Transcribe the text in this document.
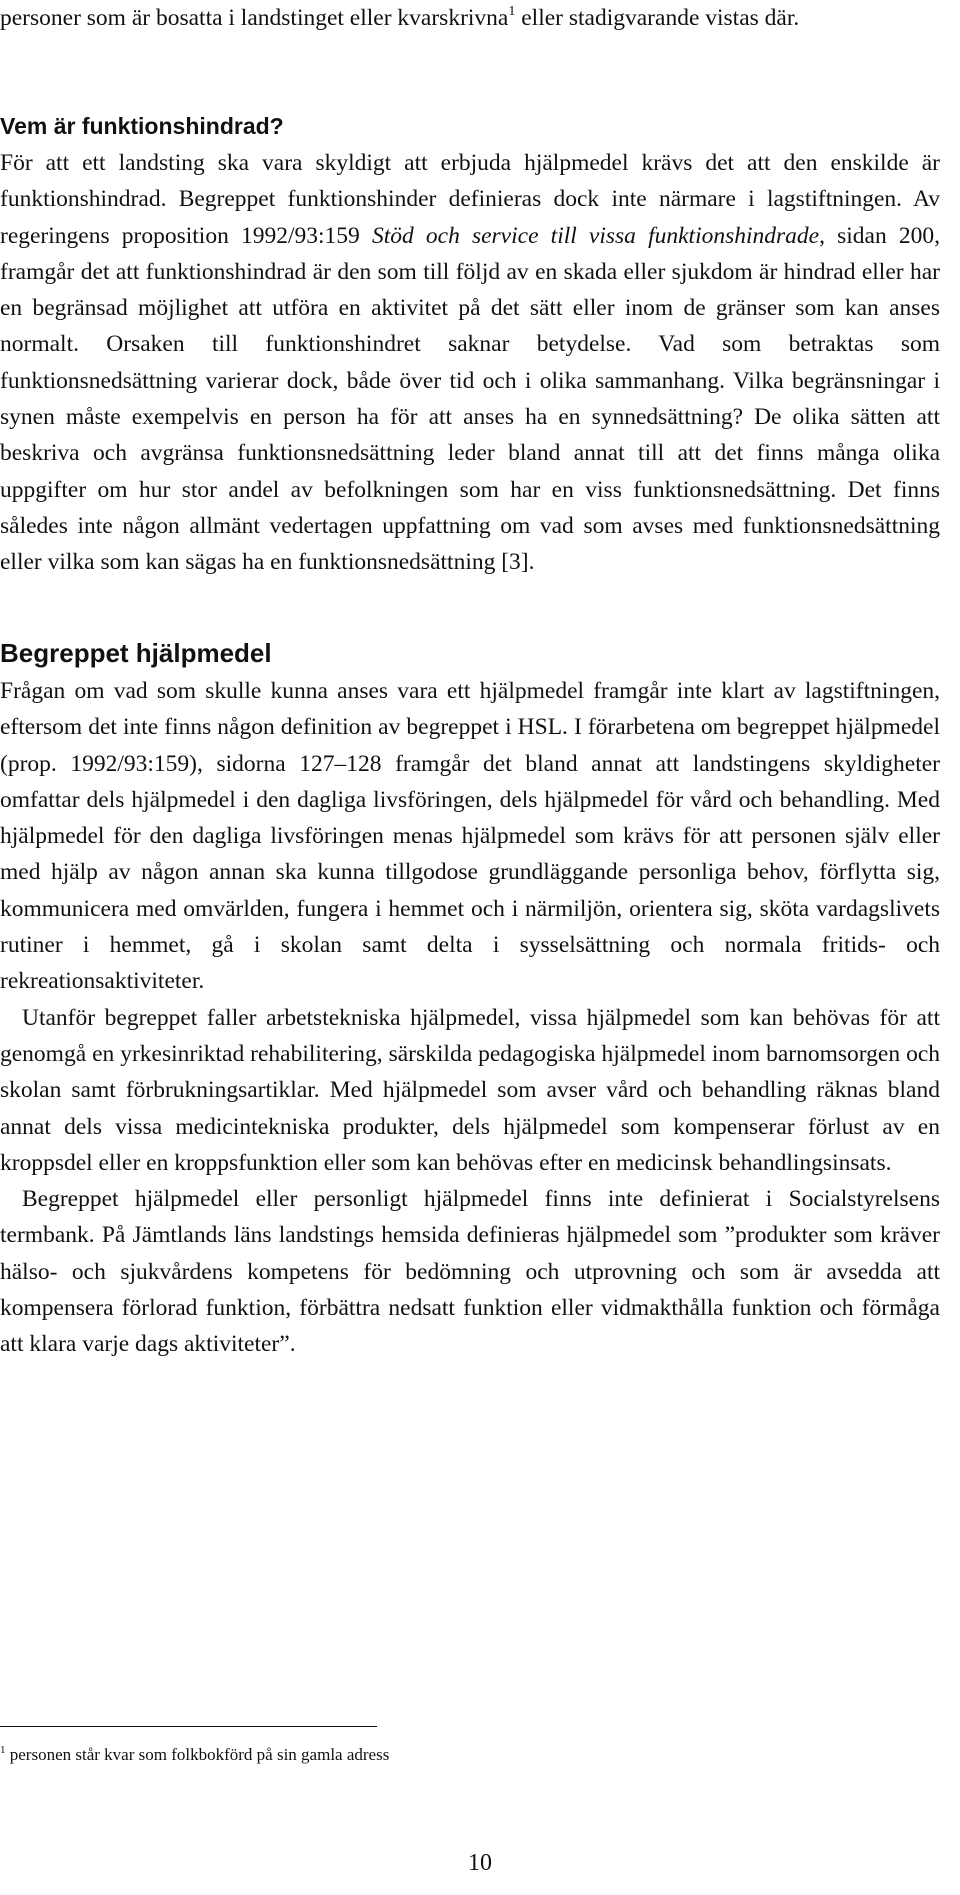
personer som är bosatta i landstinget eller kvarskrivna$^1$ eller stadigvarande vistas där.

Vem är funktionshindrad?

För att ett landsting ska vara skyldigt att erbjuda hjälpmedel krävs det att den enskilde är funktionshindrad. Begreppet funktionshinder definieras dock inte närmare i lagstiftningen. Av regeringens proposition 1992/93:159 Stöd och service till vissa funktionshindrade, sidan 200, framgår det att funktionshindrad är den som till följd av en skada eller sjukdom är hindrad eller har en begränsad möjlighet att utföra en aktivitet på det sätt eller inom de gränser som kan anses normalt. Orsaken till funktionshindret saknar betydelse. Vad som betraktas som funktionsnedsättning varierar dock, både över tid och i olika sammanhang. Vilka begränsningar i synen måste exempelvis en person ha för att anses ha en synnedsättning? De olika sätten att beskriva och avgränsa funktionsnedsättning leder bland annat till att det finns många olika uppgifter om hur stor andel av befolkningen som har en viss funktionsnedsättning. Det finns således inte någon allmänt vedertagen uppfattning om vad som avses med funktionsnedsättning eller vilka som kan sägas ha en funktionsnedsättning [3].

Begreppet hjälpmedel

Frågan om vad som skulle kunna anses vara ett hjälpmedel framgår inte klart av lagstiftningen, eftersom det inte finns någon definition av begreppet i HSL. I förarbetena om begreppet hjälpmedel (prop. 1992/93:159), sidorna 127–128 framgår det bland annat att landstingens skyldigheter omfattar dels hjälpmedel i den dagliga livsföringen, dels hjälpmedel för vård och behandling. Med hjälpmedel för den dagliga livsföringen menas hjälpmedel som krävs för att personen själv eller med hjälp av någon annan ska kunna tillgodose grundläggande personliga behov, förflytta sig, kommunicera med omvärlden, fungera i hemmet och i närmiljön, orientera sig, sköta vardagslivets rutiner i hemmet, gå i skolan samt delta i sysselsättning och normala fritids- och rekreationsaktiviteter.

Utanför begreppet faller arbetstekniska hjälpmedel, vissa hjälpmedel som kan behövas för att genomgå en yrkesinriktad rehabilitering, särskilda pedagogiska hjälpmedel inom barnomsorgen och skolan samt förbrukningsartiklar. Med hjälpmedel som avser vård och behandling räknas bland annat dels vissa medicintekniska produkter, dels hjälpmedel som kompenserar förlust av en kroppsdel eller en kroppsfunktion eller som kan behövas efter en medicinsk behandlingsinsats.

Begreppet hjälpmedel eller personligt hjälpmedel finns inte definierat i Socialstyrelsens termbank. På Jämtlands läns landstings hemsida definieras hjälpmedel som ”produkter som kräver hälso- och sjukvårdens kompetens för bedömning och utprovning och som är avsedda att kompensera förlorad funktion, förbättra nedsatt funktion eller vidmakthålla funktion och förmåga att klara varje dags aktiviteter”.

$^1$ personen står kvar som folkbokförd på sin gamla adress

10
